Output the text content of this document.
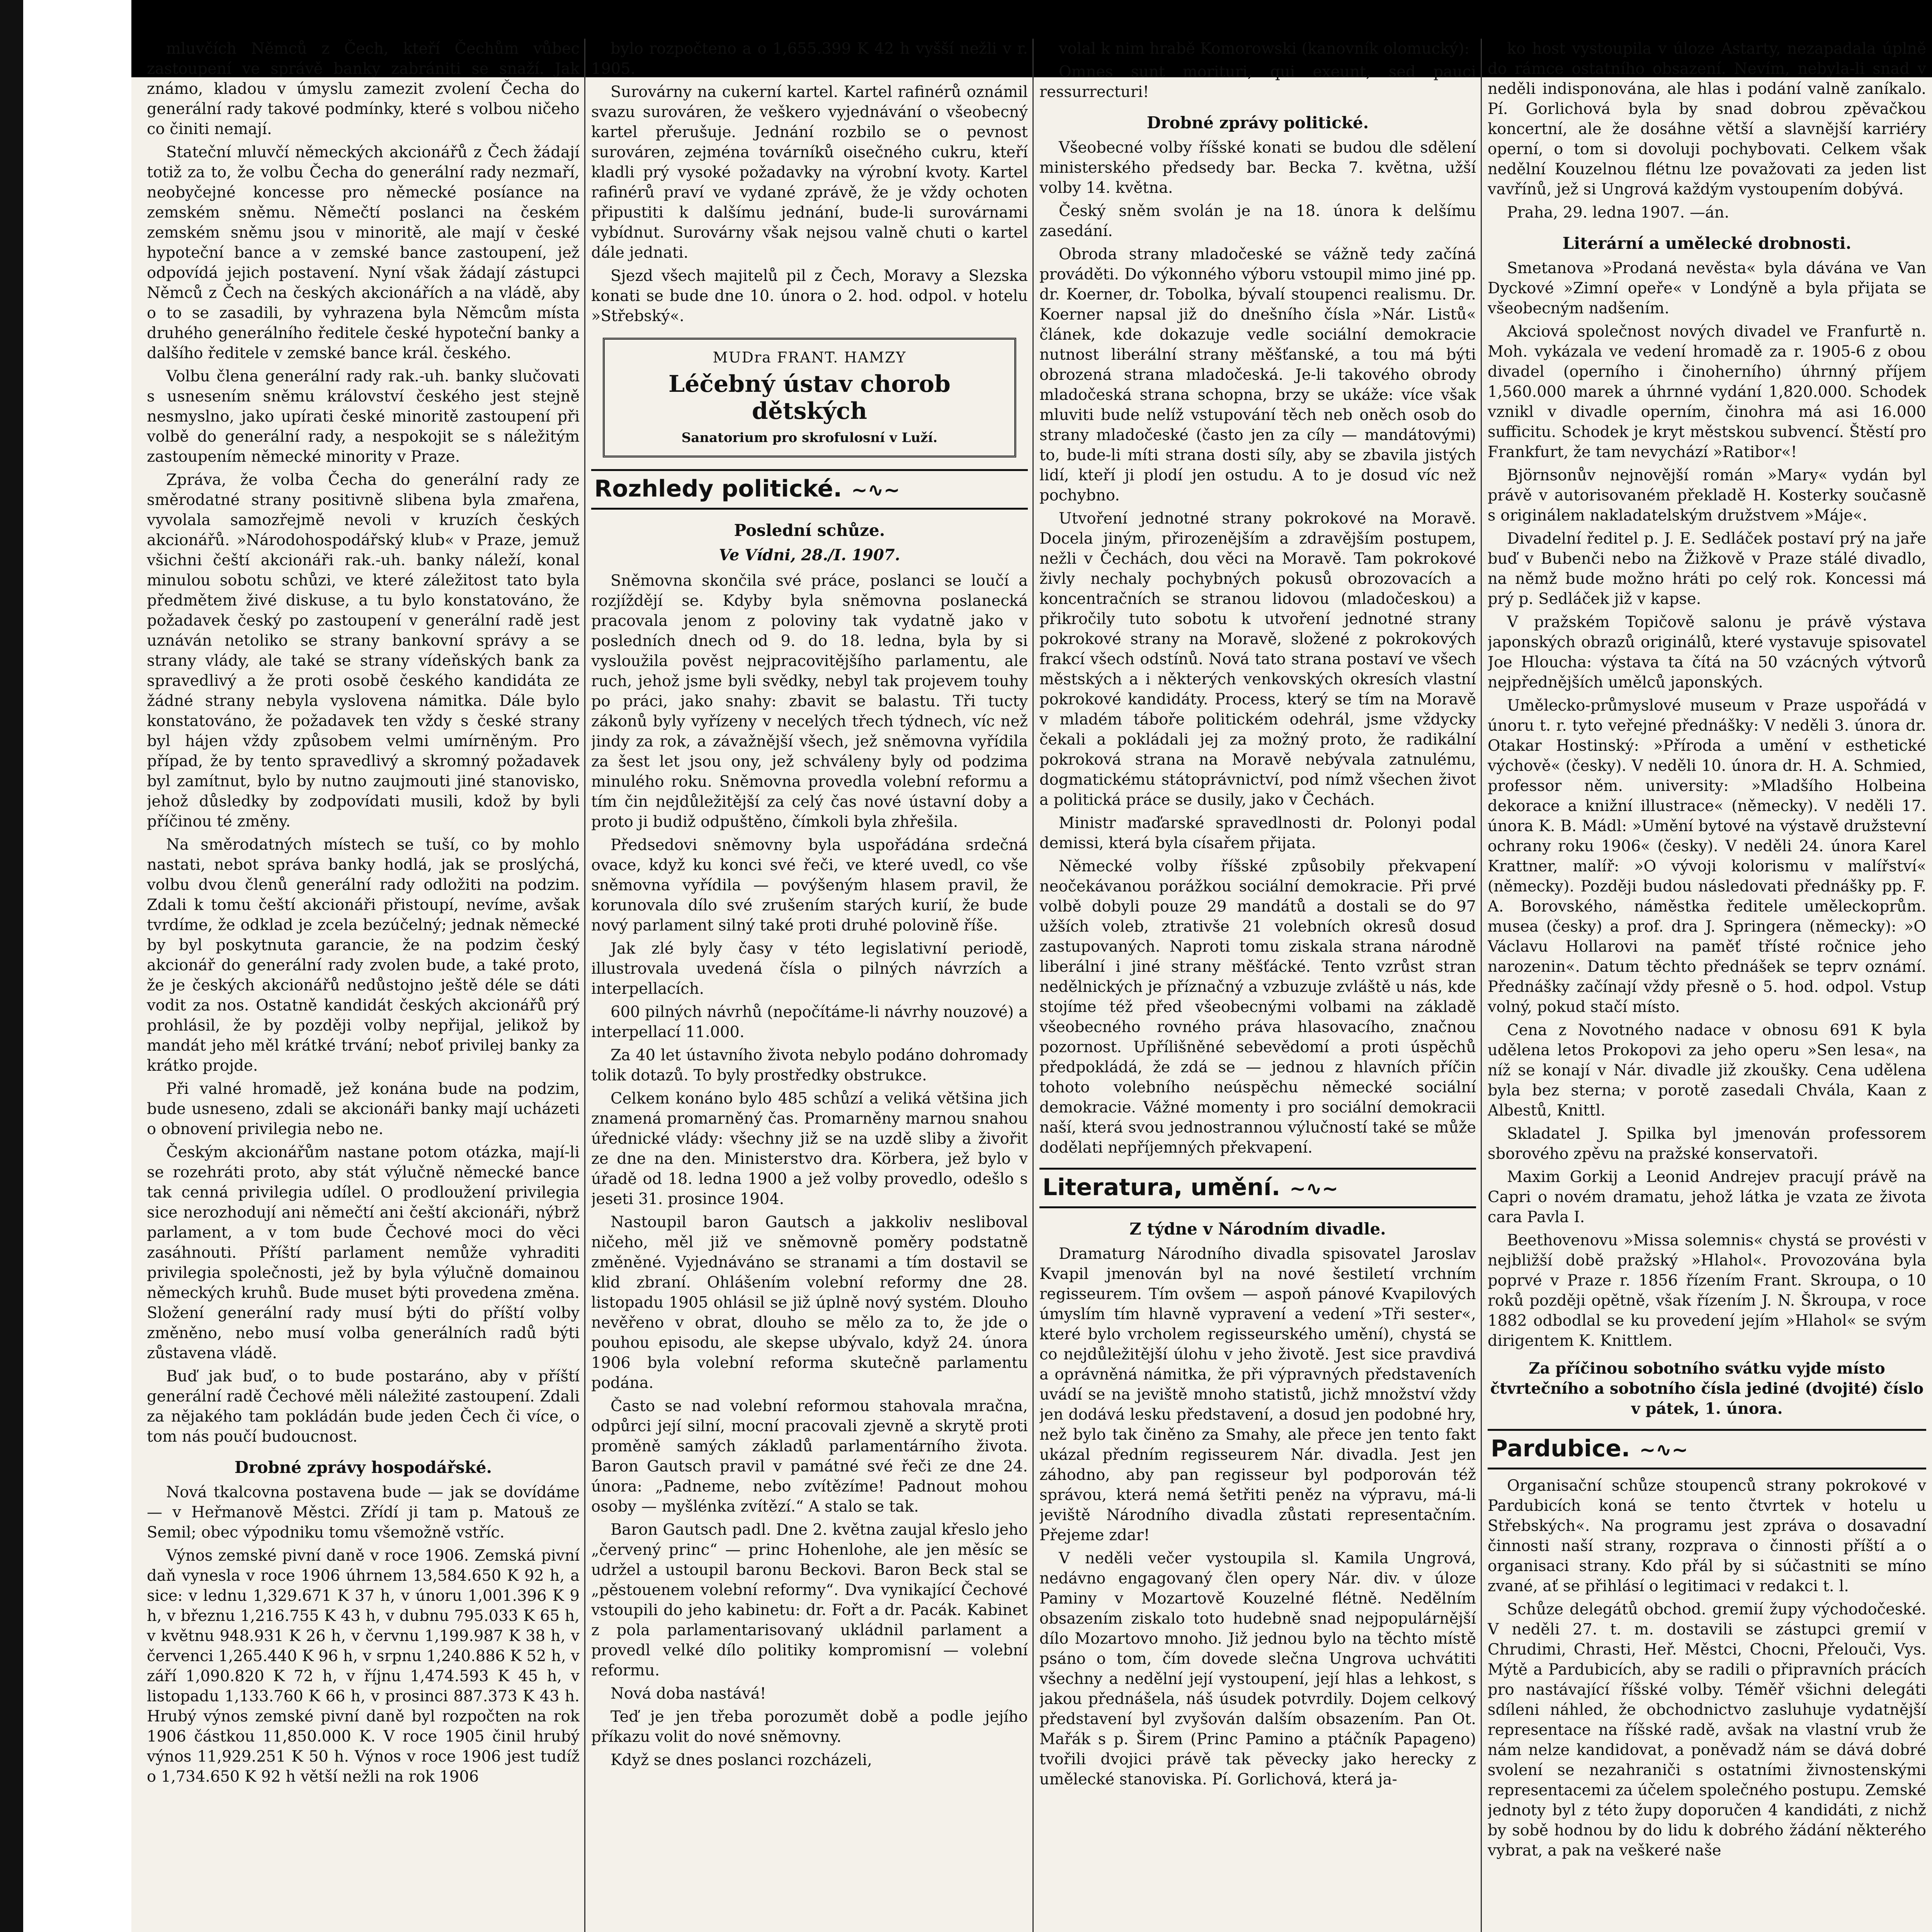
mluvčích Němců z Čech, kteří Čechům vůbec zastoupení ve správě banky zabrániti se snaží. Jak známo, kladou v úmyslu zamezit zvolení Čecha do generální rady takové podmínky, které s volbou ničeho co činiti nemají.

Stateční mluvčí německých akcionářů z Čech žádají totiž za to, že volbu Čecha do generální rady nezmaří, neobyčejné koncesse pro německé posíance na zemském sněmu. Němečtí poslanci na českém zemském sněmu jsou v minoritě, ale mají v české hypoteční bance a v zemské bance zastoupení, jež odpovídá jejich postavení. Nyní však žádají zástupci Němců z Čech na českých akcionářích a na vládě, aby o to se zasadili, by vyhrazena byla Němcům místa druhého generálního ředitele české hypoteční banky a dalšího ředitele v zemské bance král. českého.

Volbu člena generální rady rak.-uh. banky slučovati s usnesením sněmu království českého jest stejně nesmyslno, jako upírati české minoritě zastoupení při volbě do generální rady, a nespokojit se s náležitým zastoupením německé minority v Praze.

Zpráva, že volba Čecha do generální rady ze směrodatné strany positivně slibena byla zmařena, vyvolala samozřejmě nevoli v kruzích českých akcionářů. »Národohospodářský klub« v Praze, jemuž všichni čeští akcionáři rak.-uh. banky náleží, konal minulou sobotu schůzi, ve které záležitost tato byla předmětem živé diskuse, a tu bylo konstatováno, že požadavek český po zastoupení v generální radě jest uznáván netoliko se strany bankovní správy a se strany vlády, ale také se strany vídeňských bank za spravedlivý a že proti osobě českého kandidáta ze žádné strany nebyla vyslovena námitka. Dále bylo konstatováno, že požadavek ten vždy s české strany byl hájen vždy způsobem velmi umírněným. Pro případ, že by tento spravedlivý a skromný požadavek byl zamítnut, bylo by nutno zaujmouti jiné stanovisko, jehož důsledky by zodpovídati musili, kdož by byli příčinou té změny.

Na směrodatných místech se tuší, co by mohlo nastati, nebot správa banky hodlá, jak se proslýchá, volbu dvou členů generální rady odložiti na podzim. Zdali k tomu čeští akcionáři přistoupí, nevíme, avšak tvrdíme, že odklad je zcela bezúčelný; jednak německé by byl poskytnuta garancie, že na podzim český akcionář do generální rady zvolen bude, a také proto, že je českých akcionářů nedůstojno ještě déle se dáti vodit za nos. Ostatně kandidát českých akcionářů prý prohlásil, že by později volby nepřijal, jelikož by mandát jeho měl krátké trvání; neboť privilej banky za krátko projde.

Při valné hromadě, jež konána bude na podzim, bude usneseno, zdali se akcionáři banky mají ucházeti o obnovení privilegia nebo ne.

Českým akcionářům nastane potom otázka, mají-li se rozehráti proto, aby stát výlučně německé bance tak cenná privilegia udílel. O prodloužení privilegia sice nerozhodují ani němečtí ani čeští akcionáři, nýbrž parlament, a v tom bude Čechové moci do věci zasáhnouti. Příští parlament nemůže vyhraditi privilegia společnosti, jež by byla výlučně domainou německých kruhů. Bude muset býti provedena změna. Složení generální rady musí býti do příští volby změněno, nebo musí volba generálních radů býti zůstavena vládě.

Buď jak buď, o to bude postaráno, aby v příští generální radě Čechové měli náležité zastoupení. Zdali za nějakého tam pokládán bude jeden Čech či více, o tom nás poučí budoucnost.

Drobné zprávy hospodářské.

Nová tkalcovna postavena bude — jak se dovídáme — v Heřmanově Městci. Zřídí ji tam p. Matouš ze Semil; obec výpodniku tomu všemožně vstříc.

Výnos zemské pivní daně v roce 1906. Zemská pivní daň vynesla v roce 1906 úhrnem 13,584.650 K 92 h, a sice: v lednu 1,329.671 K 37 h, v únoru 1,001.396 K 9 h, v březnu 1,216.755 K 43 h, v dubnu 795.033 K 65 h, v květnu 948.931 K 26 h, v červnu 1,199.987 K 38 h, v červenci 1,265.440 K 96 h, v srpnu 1,240.886 K 52 h, v září 1,090.820 K 72 h, v říjnu 1,474.593 K 45 h, v listopadu 1,133.760 K 66 h, v prosinci 887.373 K 43 h. Hrubý výnos zemské pivní daně byl rozpočten na rok 1906 částkou 11,850.000 K. V roce 1905 činil hrubý výnos 11,929.251 K 50 h. Výnos v roce 1906 jest tudíž o 1,734.650 K 92 h větší nežli na rok 1906

bylo rozpočteno a o 1,655.399 K 42 h vyšší nežli v r. 1905.

Surovárny na cukerní kartel. Kartel rafinérů oznámil svazu surováren, že veškero vyjednávání o všeobecný kartel přerušuje. Jednání rozbilo se o pevnost surováren, zejména továrníků oisečného cukru, kteří kladli prý vysoké požadavky na výrobní kvoty. Kartel rafinérů praví ve vydané zprávě, že je vždy ochoten připustiti k dalšímu jednání, bude-li surovárnami vybídnut. Surovárny však nejsou valně chuti o kartel dále jednati.

Sjezd všech majitelů pil z Čech, Moravy a Slezska konati se bude dne 10. února o 2. hod. odpol. v hotelu »Střebský«.

MUDra FRANT. HAMZY
Léčebný ústav chorob dětských
Sanatorium pro skrofulosní v Luží.
Rozhledy politické. ~∿~
Poslední schůze.
Ve Vídni, 28./I. 1907.

Sněmovna skončila své práce, poslanci se loučí a rozjíždějí se. Kdyby byla sněmovna poslanecká pracovala jenom z poloviny tak vydatně jako v posledních dnech od 9. do 18. ledna, byla by si vysloužila pověst nejpracovitějšího parlamentu, ale ruch, jehož jsme byli svědky, nebyl tak projevem touhy po práci, jako snahy: zbavit se balastu. Tři tucty zákonů byly vyřízeny v necelých třech týdnech, víc než jindy za rok, a závažnější všech, jež sněmovna vyřídila za šest let jsou ony, jež schváleny byly od podzima minulého roku. Sněmovna provedla volební reformu a tím čin nejdůležitější za celý čas nové ústavní doby a proto ji budiž odpuštěno, čímkoli byla zhřešila.

Předsedovi sněmovny byla uspořádána srdečná ovace, když ku konci své řeči, ve které uvedl, co vše sněmovna vyřídila — povýšeným hlasem pravil, že korunovala dílo své zrušením starých kurií, že bude nový parlament silný také proti druhé polovině říše.

Jak zlé byly časy v této legislativní periodě, illustrovala uvedená čísla o pilných návrzích a interpellacích.

600 pilných návrhů (nepočítáme-li návrhy nouzové) a interpellací 11.000.

Za 40 let ústavního života nebylo podáno dohromady tolik dotazů. To byly prostředky obstrukce.

Celkem konáno bylo 485 schůzí a veliká většina jich znamená promarněný čas. Promarněny marnou snahou úřednické vlády: všechny již se na uzdě sliby a živořit ze dne na den. Ministerstvo dra. Körbera, jež bylo v úřadě od 18. ledna 1900 a jež volby provedlo, odešlo s jeseti 31. prosince 1904.

Nastoupil baron Gautsch a jakkoliv nesliboval ničeho, měl již ve sněmovně poměry podstatně změněné. Vyjednáváno se stranami a tím dostavil se klid zbraní. Ohlášením volební reformy dne 28. listopadu 1905 ohlásil se již úplně nový systém. Dlouho nevěřeno v obrat, dlouho se mělo za to, že jde o pouhou episodu, ale skepse ubývalo, když 24. února 1906 byla volební reforma skutečně parlamentu podána.

Často se nad volební reformou stahovala mračna, odpůrci její silní, mocní pracovali zjevně a skrytě proti proměně samých základů parlamentárního života. Baron Gautsch pravil v památné své řeči ze dne 24. února: „Padneme, nebo zvítězíme! Padnout mohou osoby — myšlénka zvítězí.“ A stalo se tak.

Baron Gautsch padl. Dne 2. května zaujal křeslo jeho „červený princ“ — princ Hohenlohe, ale jen měsíc se udržel a ustoupil baronu Beckovi. Baron Beck stal se „pěstouenem volební reformy“. Dva vynikající Čechové vstoupili do jeho kabinetu: dr. Fořt a dr. Pacák. Kabinet z pola parlamentarisovaný ukládnil parlament a provedl velké dílo politiky kompromisní — volební reformu.

Nová doba nastává!

Teď je jen třeba porozumět době a podle jejího příkazu volit do nové sněmovny.

Když se dnes poslanci rozcházeli,

volal k nim hrabě Komorowski (kanovník olomucký):

Omnes sunt morituri, qui exeunt, sed pauci ressurrecturi!

Drobné zprávy politické.

Všeobecné volby říšské konati se budou dle sdělení ministerského předsedy bar. Becka 7. května, užší volby 14. května.

Český sněm svolán je na 18. února k delšímu zasedání.

Obroda strany mladočeské se vážně tedy začíná prováděti. Do výkonného výboru vstoupil mimo jiné pp. dr. Koerner, dr. Tobolka, bývalí stoupenci realismu. Dr. Koerner napsal již do dnešního čísla »Nár. Listů« článek, kde dokazuje vedle sociální demokracie nutnost liberální strany měšťanské, a tou má býti obrozená strana mladočeská. Je-li takového obrody mladočeská strana schopna, brzy se ukáže: více však mluviti bude nelíž vstupování těch neb oněch osob do strany mladočeské (často jen za cíly — mandátovými) to, bude-li míti strana dosti síly, aby se zbavila jistých lidí, kteří ji plodí jen ostudu. A to je dosud víc než pochybno.

Utvoření jednotné strany pokrokové na Moravě. Docela jiným, přirozenějším a zdravějším postupem, nežli v Čechách, dou věci na Moravě. Tam pokrokové živly nechaly pochybných pokusů obrozovacích a koncentračních se stranou lidovou (mladočeskou) a přikročily tuto sobotu k utvoření jednotné strany pokrokové strany na Moravě, složené z pokrokových frakcí všech odstínů. Nová tato strana postaví ve všech městských a i některých venkovských okresích vlastní pokrokové kandidáty. Process, který se tím na Moravě v mladém táboře politickém odehrál, jsme vždycky čekali a pokládali jej za možný proto, že radikální pokroková strana na Moravě nebývala zatnulému, dogmatickému státoprávnictví, pod nímž všechen život a politická práce se dusily, jako v Čechách.

Ministr maďarské spravedlnosti dr. Polonyi podal demissi, která byla císařem přijata.

Německé volby říšské způsobily překvapení neočekávanou porážkou sociální demokracie. Při prvé volbě dobyli pouze 29 mandátů a dostali se do 97 užších voleb, ztrativše 21 volebních okresů dosud zastupovaných. Naproti tomu ziskala strana národně liberální i jiné strany měšťácké. Tento vzrůst stran nedělnických je příznačný a vzbuzuje zvláště u nás, kde stojíme též před všeobecnými volbami na základě všeobecného rovného práva hlasovacího, značnou pozornost. Upřílišněné sebevědomí a proti úspěchů předpokládá, že zdá se — jednou z hlavních příčin tohoto volebního neúspěchu německé sociální demokracie. Vážné momenty i pro sociální demokracii naší, která svou jednostrannou výlučností také se může dodělati nepříjemných překvapení.

Literatura, umění. ~∿~
Z týdne v Národním divadle.

Dramaturg Národního divadla spisovatel Jaroslav Kvapil jmenován byl na nové šestiletí vrchním regisseurem. Tím ovšem — aspoň pánové Kvapilových úmyslím tím hlavně vypravení a vedení »Tři sester«, které bylo vrcholem regisseurského umění), chystá se co nejdůležitější úlohu v jeho životě. Jest sice pravdivá a oprávněná námitka, že při výpravných představeních uvádí se na jeviště mnoho statistů, jichž množství vždy jen dodává lesku představení, a dosud jen podobné hry, než bylo tak činěno za Smahy, ale přece jen tento fakt ukázal předním regisseurem Nár. divadla. Jest jen záhodno, aby pan regisseur byl podporován též správou, která nemá šetřiti peněz na výpravu, má-li jeviště Národního divadla zůstati representačním. Přejeme zdar!

V neděli večer vystoupila sl. Kamila Ungrová, nedávno engagovaný člen opery Nár. div. v úloze Paminy v Mozartově Kouzelné flétně. Nedělním obsazením ziskalo toto hudebně snad nejpopulárnější dílo Mozartovo mnoho. Již jednou bylo na těchto místě psáno o tom, čím dovede slečna Ungrova uchvátiti všechny a nedělní její vystoupení, její hlas a lehkost, s jakou přednášela, náš úsudek potvrdily. Dojem celkový představení byl zvyšován dalším obsazením. Pan Ot. Mařák s p. Širem (Princ Pamino a ptáčník Papageno) tvořili dvojici právě tak pěvecky jako herecky z umělecké stanoviska. Pí. Gorlichová, která ja-

ko host vystoupila v úloze Astarty, nezapadala úplně do rámce ostatního obsazení. Nevím, nebyla-li snad v neděli indisponována, ale hlas i podání valně zaníkalo. Pí. Gorlichová byla by snad dobrou zpěvačkou koncertní, ale že dosáhne větší a slavnější karriéry operní, o tom si dovoluji pochybovati. Celkem však nedělní Kouzelnou flétnu lze považovati za jeden list vavřínů, jež si Ungrová každým vystoupením dobývá.

Praha, 29. ledna 1907. —án.

Literární a umělecké drobnosti.

Smetanova »Prodaná nevěsta« byla dávána ve Van Dyckové »Zimní opeře« v Londýně a byla přijata se všeobecným nadšením.

Akciová společnost nových divadel ve Franfurtě n. Moh. vykázala ve vedení hromadě za r. 1905-6 z obou divadel (operního i činoherního) úhrnný příjem 1,560.000 marek a úhrnné vydání 1,820.000. Schodek vznikl v divadle operním, činohra má asi 16.000 sufficitu. Schodek je kryt městskou subvencí. Štěstí pro Frankfurt, že tam nevychází »Ratibor«!

Björnsonův nejnovější román »Mary« vydán byl právě v autorisovaném překladě H. Kosterky současně s originálem nakladatelským družstvem »Máje«.

Divadelní ředitel p. J. E. Sedláček postaví prý na jaře buď v Bubenči nebo na Žižkově v Praze stálé divadlo, na němž bude možno hráti po celý rok. Koncessi má prý p. Sedláček již v kapse.

V pražském Topičově salonu je právě výstava japonských obrazů originálů, které vystavuje spisovatel Joe Hloucha: výstava ta čítá na 50 vzácných výtvorů nejpřednějších umělců japonských.

Umělecko-průmyslové museum v Praze uspořádá v únoru t. r. tyto veřejné přednášky: V neděli 3. února dr. Otakar Hostinský: »Příroda a umění v esthetické výchově« (česky). V neděli 10. února dr. H. A. Schmied, professor něm. university: »Mladšího Holbeina dekorace a knižní illustrace« (německy). V neděli 17. února K. B. Mádl: »Umění bytové na výstavě družstevní ochrany roku 1906« (česky). V neděli 24. února Karel Krattner, malíř: »O vývoji kolorismu v malířství« (německy). Později budou následovati přednášky pp. F. A. Borovského, náměstka ředitele uměleckoprům. musea (česky) a prof. dra J. Springera (německy): »O Václavu Hollarovi na paměť třísté ročnice jeho narozenin«. Datum těchto přednášek se teprv oznámí. Přednášky začínají vždy přesně o 5. hod. odpol. Vstup volný, pokud stačí místo.

Cena z Novotného nadace v obnosu 691 K byla udělena letos Prokopovi za jeho operu »Sen lesa«, na níž se konají v Nár. divadle již zkoušky. Cena udělena byla bez sterna; v porotě zasedali Chvála, Kaan z Albestů, Knittl.

Skladatel J. Spilka byl jmenován professorem sborového zpěvu na pražské konservatoři.

Maxim Gorkij a Leonid Andrejev pracují právě na Capri o novém dramatu, jehož látka je vzata ze života cara Pavla I.

Beethovenovu »Missa solemnis« chystá se provésti v nejbližší době pražský »Hlahol«. Provozována byla poprvé v Praze r. 1856 řízením Frant. Skroupa, o 10 roků později opětně, však řízením J. N. Škroupa, v roce 1882 odbodlal se ku provedení jejím »Hlahol« se svým dirigentem K. Knittlem.

Za příčinou sobotního svátku vyjde místo čtvrtečního a sobotního čísla jediné (dvojité) číslo v pátek, 1. února.
Pardubice. ~∿~

Organisační schůze stoupenců strany pokrokové v Pardubicích koná se tento čtvrtek v hotelu u Střebských«. Na programu jest zpráva o dosavadní činnosti naší strany, rozprava o činnosti příští a o organisaci strany. Kdo přál by si súčastniti se míno zvané, ať se přihlásí o legitimaci v redakci t. l.

Schůze delegátů obchod. gremií župy východočeské. V neděli 27. t. m. dostavili se zástupci gremií v Chrudimi, Chrasti, Heř. Městci, Chocni, Přelouči, Vys. Mýtě a Pardubicích, aby se radili o připravních prácích pro nastávající říšské volby. Téměř všichni delegáti sdíleni náhled, že obchodnictvo zasluhuje vydatnější representace na říšské radě, avšak na vlastní vrub že nám nelze kandidovat, a poněvadž nám se dává dobré svolení se nezahraniči s ostatními živnostenskými representacemi za účelem společného postupu. Zemské jednoty byl z této župy doporučen 4 kandidáti, z nichž by sobě hodnou by do lidu k dobrého žádání některého vybrat, a pak na veškeré naše
